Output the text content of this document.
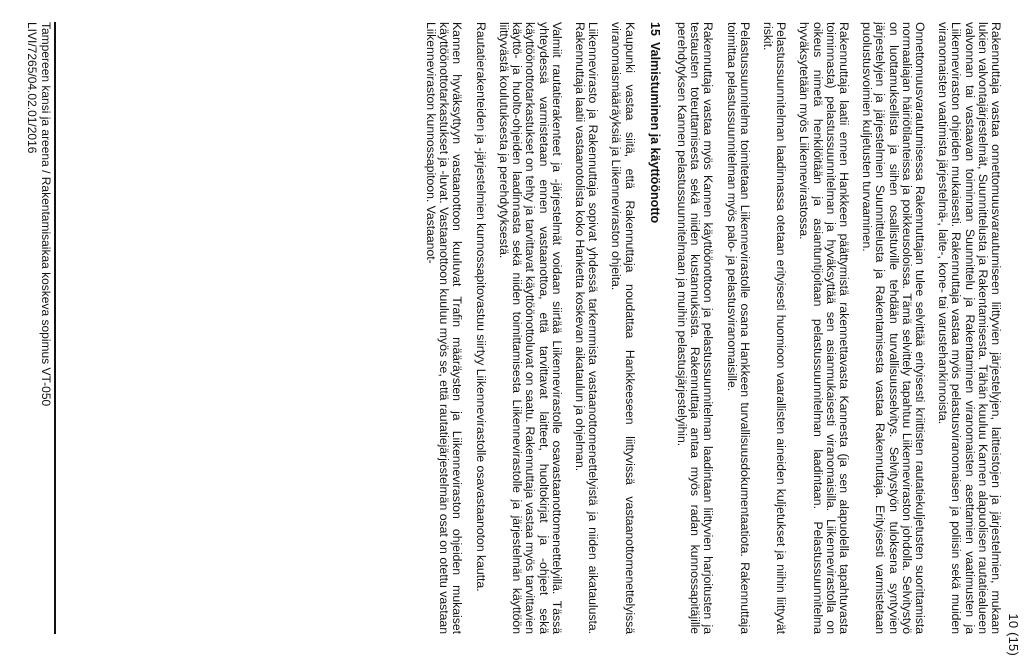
10 (15)

Rakennuttaja vastaa onnettomuusvarautumiseen liittyvien järjestelyjen, laitteistojen ja järjestelmien, mukaan lukien valvontajärjestelmät, Suunnittelusta ja Rakentamisesta. Tähän kuuluu Kannen alapuolisen rautatiealueen valvonnan tai vastaavan toiminnan Suunnittelu ja Rakentaminen viranomaisten asettamien vaatimusten ja Liikenneviraston ohjeiden mukaisesti. Rakennuttaja vastaa myös pelastusviranomaisen ja poliisin sekä muiden viranomaisten vaatimista järjestelmä-, laite-, kone- tai varustehankinnoista.

Onnettomuusvarautumisessa Rakennuttajan tulee selvittää erityisesti kriittisten rautatiekuljetusten suorittamista normaaliajan häiriötilanteissa ja poikkeusoloissa. Tämä selvittely tapahtuu Liikenneviraston johdolla. Selvitystyö on luottamuksellista ja siihen osallistuville tehdään turvallisuusselvitys. Selvitystyön tuloksena syntyvien järjestelyjen ja järjestelmien Suunnittelusta ja Rakentamisesta vastaa Rakennuttaja. Erityisesti varmistetaan puolustusvoimien kuljetusten turvaaminen.

Rakennuttaja laatii ennen Hankkeen päättymistä rakennettavasta Kannesta (ja sen alapuolella tapahtuvasta toiminnasta) pelastussuunnitelman ja hyväksyttää sen asianmukaisesti viranomaisilla. Liikennevirastolla on oikeus nimetä henkilöitään ja asiantuntijoitaan pelastussuunnitelman laadintaan. Pelastussuunnitelma hyväksytetään myös Liikennevirastossa.

Pelastussuunnitelman laadinnassa otetaan erityisesti huomioon vaarallisten aineiden kuljetukset ja niihin liittyvät riskit.

Pelastussuunnitelma toimitetaan Liikennevirastolle osana Hankkeen turvallisuusdokumentaatiota. Rakennuttaja toimittaa pelastussuunnitelman myös palo- ja pelastusviranomaisille.

Rakennuttaja vastaa myös Kannen käyttöönottoon ja pelastussuunnitelman laadintaan liittyvien harjoitusten ja testausten toteuttamisesta sekä niiden kustannuksista. Rakennuttaja antaa myös radan kunnossapitäjille perehdytyksen Kannen pelastussuunnitelmaan ja muihin pelastusjärjestelyihin.

15Valmistuminen ja käyttöönotto

Kaupunki vastaa siitä, että Rakennuttaja noudattaa Hankkeeseen liittyvissä vastaanottomenettelyissä viranomaismääräyksiä ja Liikenneviraston ohjeita.

Liikennevirasto ja Rakennuttaja sopivat yhdessä tarkemmista vastaanottomenettelyistä ja niiden aikataulusta. Rakennuttaja laatii vastaanotolista koko Hanketta koskevan aikataulun ja ohjelman.

Valmiit rautatierakenteet ja -järjestelmät voidaan siirtää Liikennevirastolle osavastaanottomenettelyillä. Tässä yhteydessä varmistetaan ennen vastaanottoa, että tarvittavat laitteet, huoltokirjat ja -ohjeet sekä käyttöönottotarkastukset on tehty ja tarvittavat käyttöönottoluvat on saatu. Rakennuttaja vastaa myös tarvittavien käyttö- ja huolto-ohjeiden laadinnasta sekä niiden toimittamisesta Liikennevirastolle ja järjestelmän käyttöön liittyvästä koulutuksesta ja perehdytyksestä.

Rautatierakenteiden ja -järjestelmien kunnossapitovastuu siirtyy Liikennevirastolle osavastaanoton kautta.

Kannen hyväksyttyyn vastaanottoon kuuluvat Trafin määräysten ja Liikenneviraston ohjeiden mukaiset käyttöönottotarkastukset ja -luvat. Vastaanottoon kuuluu myös se, että rautatiejärjestelmän osat on otettu vastaan Liikenneviraston kunnossapitoon. Vastaanot-

Tampereen kansi ja areena / Rakentamisaikaa koskeva sopimus VT-050
LIVI/7265/04.02.01/2016
